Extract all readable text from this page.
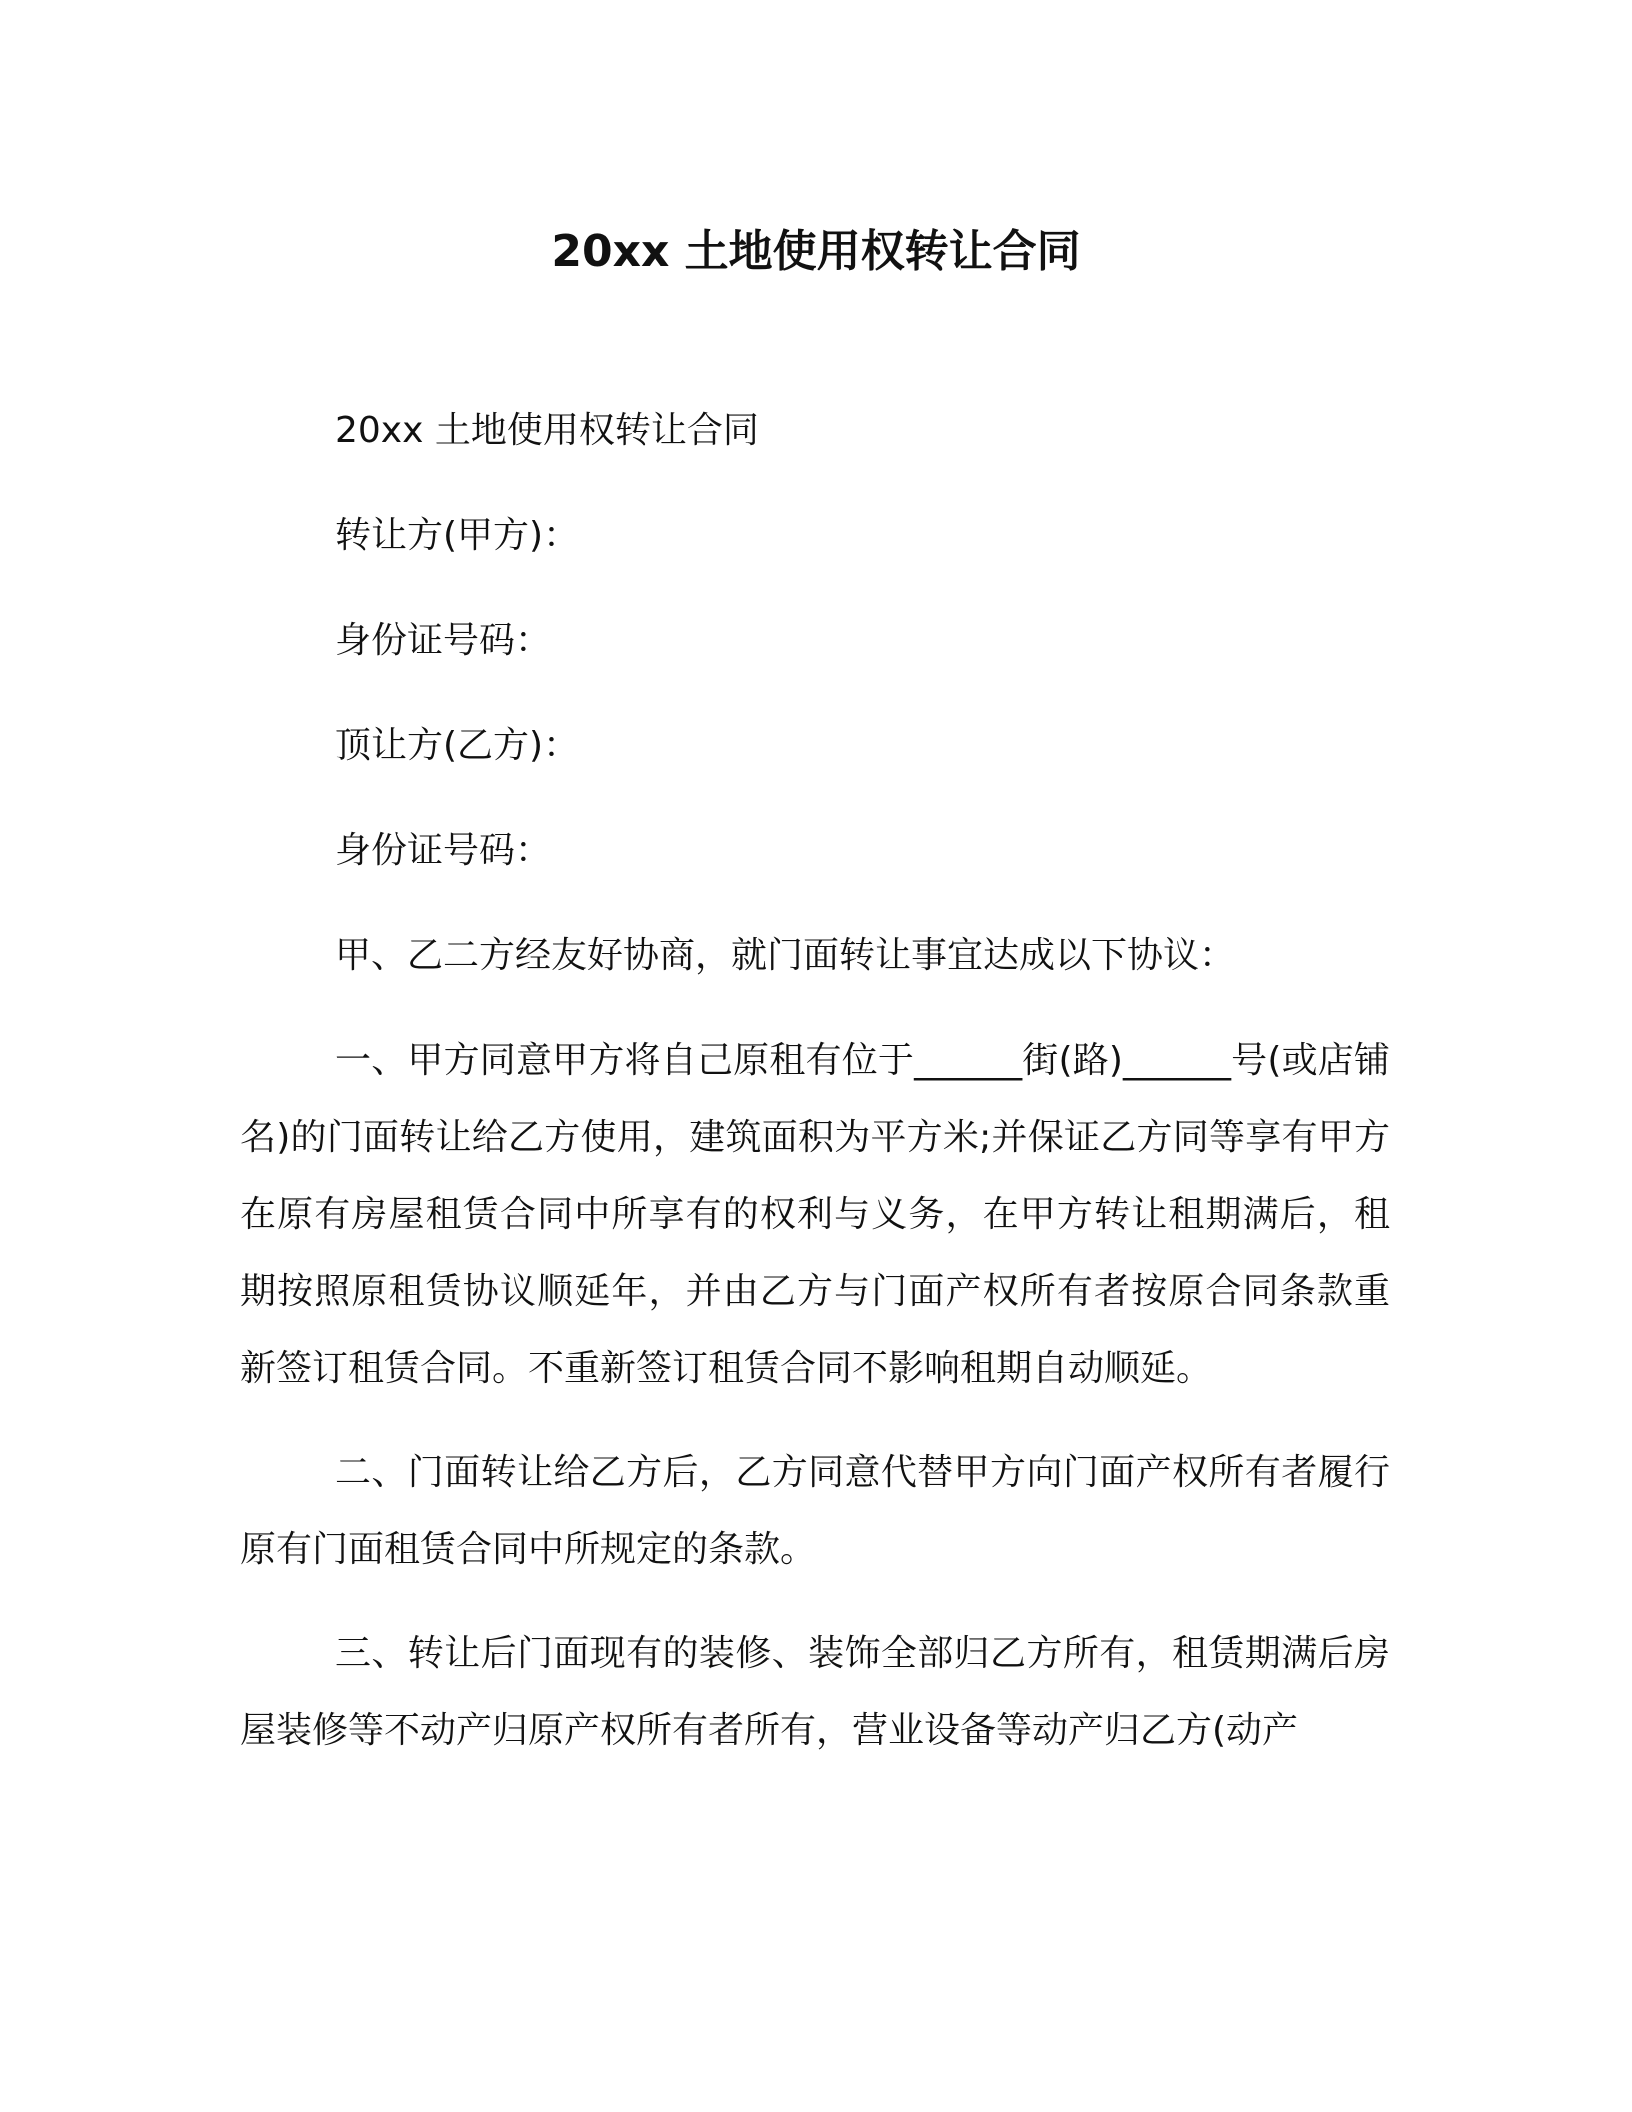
20xx 土地使用权转让合同

20xx 土地使用权转让合同

转让方(甲方)：

身份证号码：

顶让方(乙方)：

身份证号码：

甲、乙二方经友好协商，就门面转让事宜达成以下协议：

一、甲方同意甲方将自己原租有位于______街(路)______号(或店铺名)的门面转让给乙方使用，建筑面积为平方米;并保证乙方同等享有甲方在原有房屋租赁合同中所享有的权利与义务，在甲方转让租期满后，租期按照原租赁协议顺延年，并由乙方与门面产权所有者按原合同条款重新签订租赁合同。不重新签订租赁合同不影响租期自动顺延。

二、门面转让给乙方后，乙方同意代替甲方向门面产权所有者履行原有门面租赁合同中所规定的条款。

三、转让后门面现有的装修、装饰全部归乙方所有，租赁期满后房屋装修等不动产归原产权所有者所有，营业设备等动产归乙方(动产
